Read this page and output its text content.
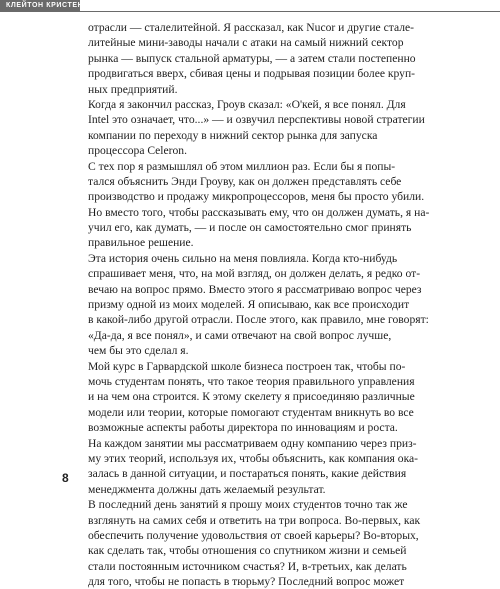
КЛЕЙТОН КРИСТЕНСЕН
отрасли — сталелитейной. Я рассказал, как Nucor и другие стале-
литейные мини-заводы начали с атаки на самый нижний сектор
рынка — выпуск стальной арматуры, — а затем стали постепенно
продвигаться вверх, сбивая цены и подрывая позиции более круп-
ных предприятий.
Когда я закончил рассказ, Гроув сказал: «О'кей, я все понял. Для
Intel это означает, что...» — и озвучил перспективы новой стратегии
компании по переходу в нижний сектор рынка для запуска
процессора Celeron.
С тех пор я размышлял об этом миллион раз. Если бы я попы-
тался объяснить Энди Гроуву, как он должен представлять себе
производство и продажу микропроцессоров, меня бы просто убили.
Но вместо того, чтобы рассказывать ему, что он должен думать, я на-
учил его, как думать, — и после он самостоятельно смог принять
правильное решение.
Эта история очень сильно на меня повлияла. Когда кто-нибудь
спрашивает меня, что, на мой взгляд, он должен делать, я редко от-
вечаю на вопрос прямо. Вместо этого я рассматриваю вопрос через
призму одной из моих моделей. Я описываю, как все происходит
в какой-либо другой отрасли. После этого, как правило, мне говорят:
«Да-да, я все понял», и сами отвечают на свой вопрос лучше,
чем бы это сделал я.
Мой курс в Гарвардской школе бизнеса построен так, чтобы по-
мочь студентам понять, что такое теория правильного управления
и на чем она строится. К этому скелету я присоединяю различные
модели или теории, которые помогают студентам вникнуть во все
возможные аспекты работы директора по инновациям и роста.
На каждом занятии мы рассматриваем одну компанию через приз-
му этих теорий, используя их, чтобы объяснить, как компания ока-
залась в данной ситуации, и постараться понять, какие действия
менеджмента должны дать желаемый результат.
В последний день занятий я прошу моих студентов точно так же
взглянуть на самих себя и ответить на три вопроса. Во-первых, как
обеспечить получение удовольствия от своей карьеры? Во-вторых,
как сделать так, чтобы отношения со спутником жизни и семьей
стали постоянным источником счастья? И, в-третьих, как делать
для того, чтобы не попасть в тюрьму? Последний вопрос может
8
